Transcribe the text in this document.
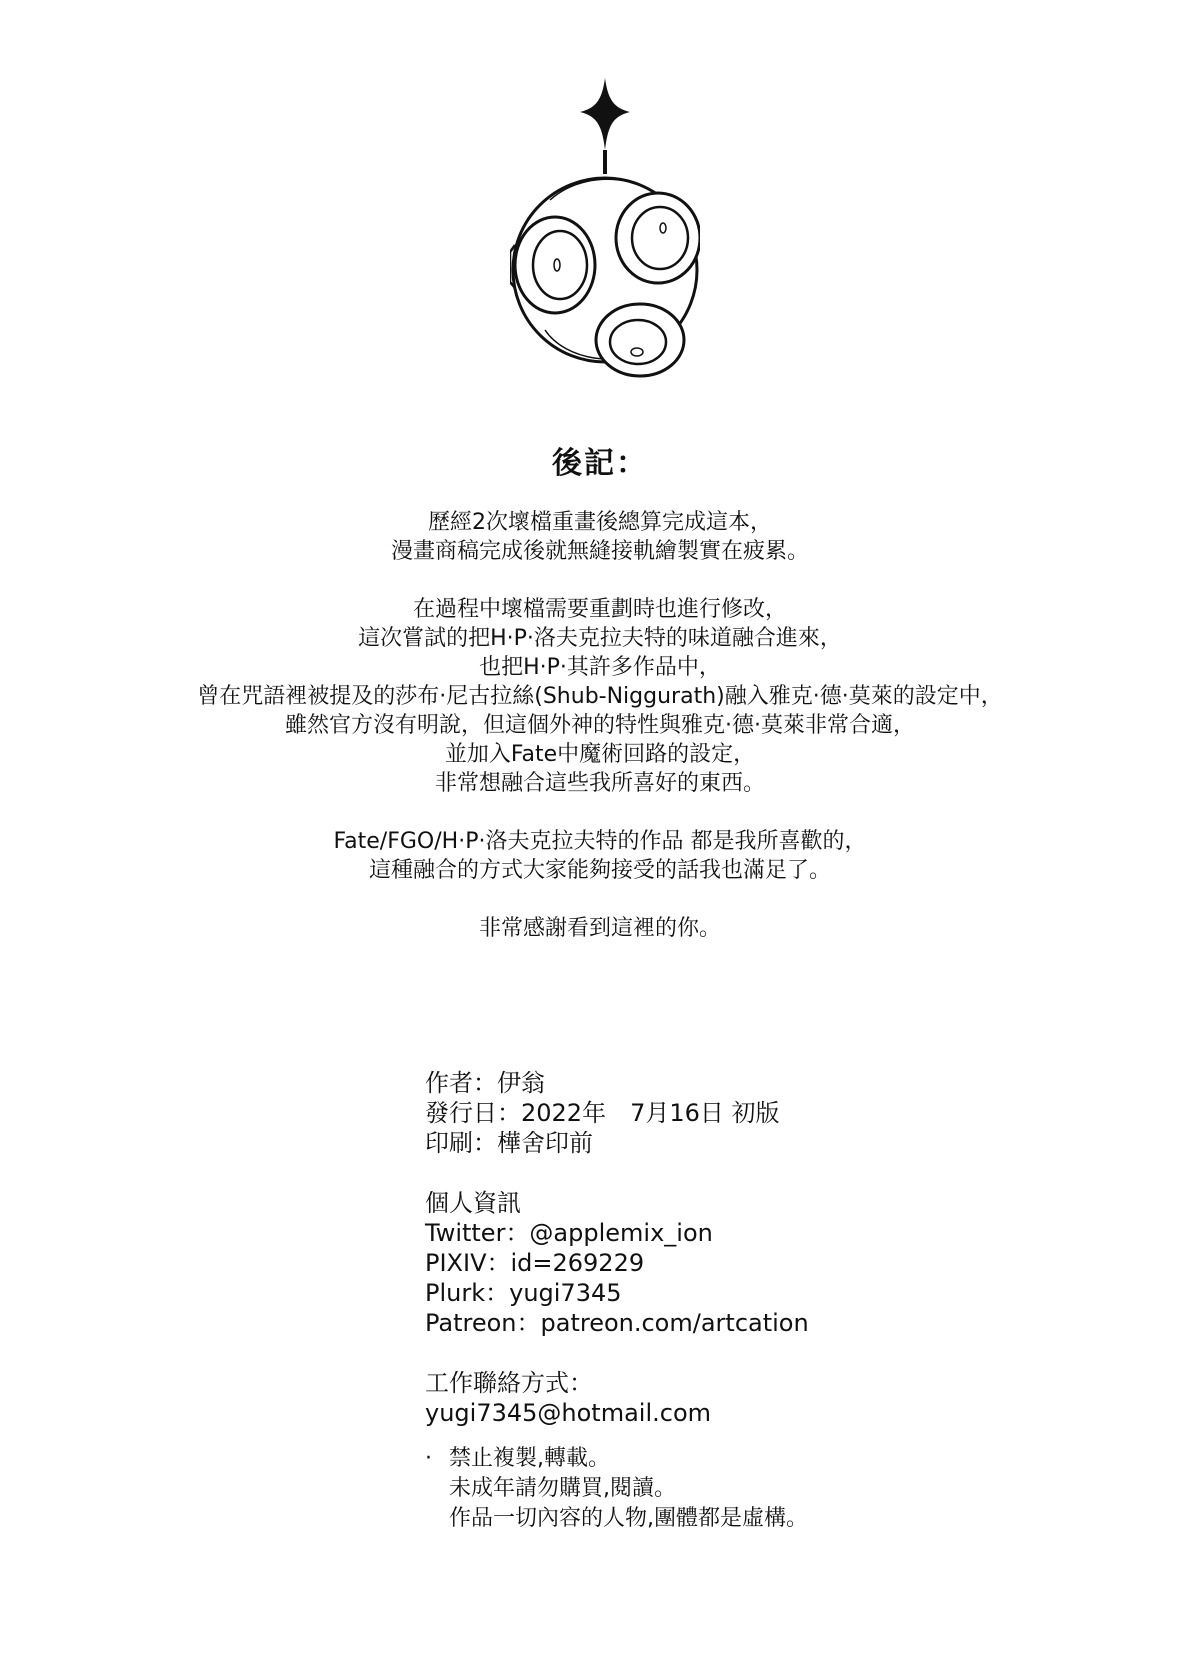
後記：
歷經2次壞檔重畫後總算完成這本，
漫畫商稿完成後就無縫接軌繪製實在疲累。
在過程中壞檔需要重劃時也進行修改，
這次嘗試的把H·P·洛夫克拉夫特的味道融合進來，
也把H·P·其許多作品中，
曾在咒語裡被提及的莎布·尼古拉絲(Shub-Niggurath)融入雅克·德·莫萊的設定中，
雖然官方沒有明說，但這個外神的特性與雅克·德·莫萊非常合適，
並加入Fate中魔術回路的設定，
非常想融合這些我所喜好的東西。
Fate/FGO/H·P·洛夫克拉夫特的作品 都是我所喜歡的，
這種融合的方式大家能夠接受的話我也滿足了。
非常感謝看到這裡的你。
作者：伊翁
發行日：2022年　7月16日 初版
印刷：樺舍印前
個人資訊
Twitter：@applemix_ion
PIXIV：id=269229
Plurk：yugi7345
Patreon：patreon.com/artcation
工作聯絡方式：
yugi7345@hotmail.com
· 禁止複製,轉載。
未成年請勿購買,閱讀。
作品一切內容的人物,團體都是虛構。
